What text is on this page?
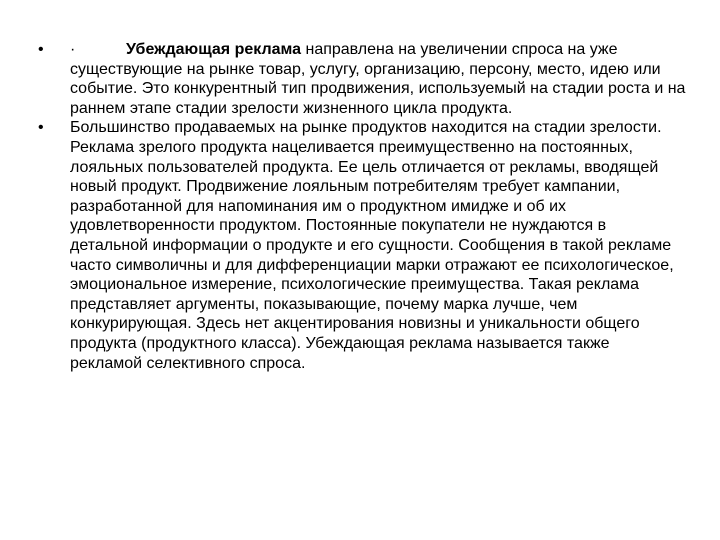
•	·	Убеждающая реклама направлена на увеличении спроса на уже существующие на рынке товар, услугу, организацию, персону, место, идею или событие. Это конкурентный тип продвижения, используемый на стадии роста и на раннем этапе стадии зрелости жизненного цикла продукта.
•	Большинство продаваемых на рынке продуктов находится на стадии зрелости. Реклама зрелого продукта нацеливается преимущественно на постоянных, лояльных пользователей продукта. Ее цель отличается от рекламы, вводящей новый продукт. Продвижение лояльным потребителям требует кампании, разработанной для напоминания им о продуктном имидже и об их удовлетворенности продуктом. Постоянные покупатели не нуждаются в детальной информации о продукте и его сущности. Сообщения в такой рекламе часто символичны и для дифференциации марки отражают ее психологическое, эмоциональное измерение, психологические преимущества. Такая реклама представляет аргументы, показывающие, почему марка лучше, чем конкурирующая. Здесь нет акцентирования новизны и уникальности общего продукта (продуктного класса). Убеждающая реклама называется также рекламой селективного спроса.
